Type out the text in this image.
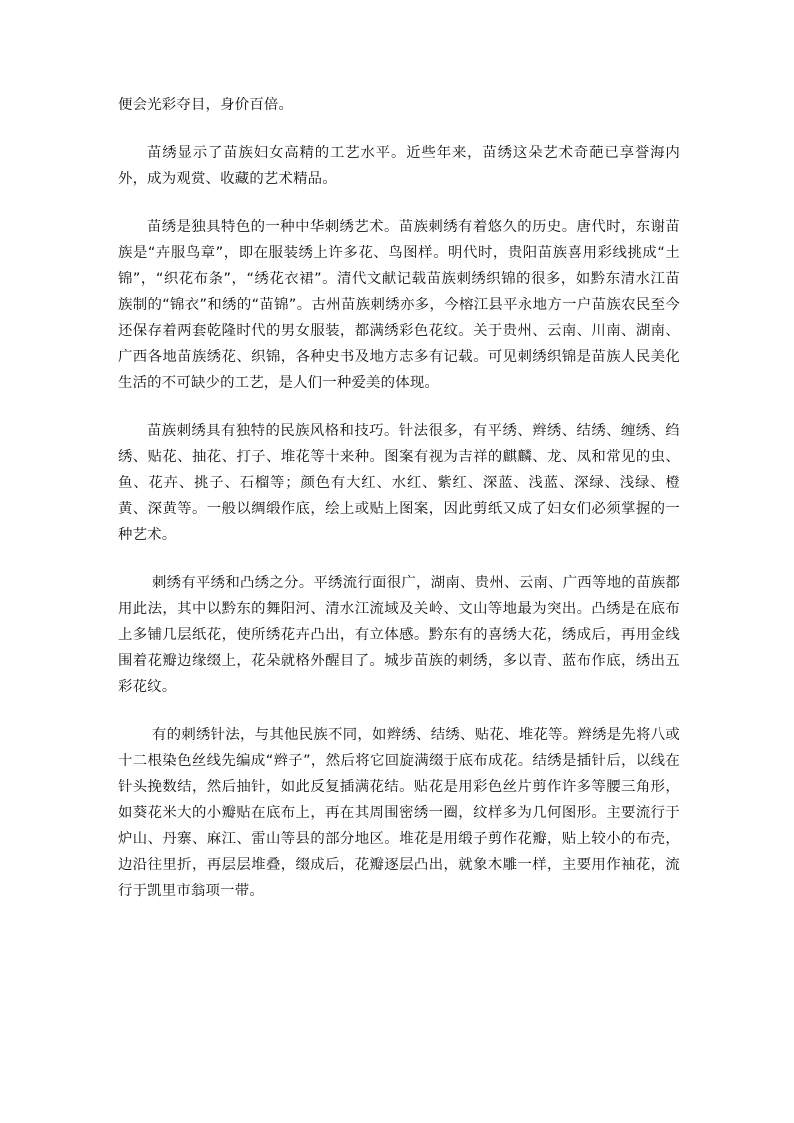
便会光彩夺目，身价百倍。

苗绣显示了苗族妇女高精的工艺水平。近些年来，苗绣这朵艺术奇葩已享誉海内外，成为观赏、收藏的艺术精品。

苗绣是独具特色的一种中华刺绣艺术。苗族刺绣有着悠久的历史。唐代时，东谢苗族是“卉服鸟章”，即在服装绣上许多花、鸟图样。明代时，贵阳苗族喜用彩线挑成“土锦”，“织花布条”，“绣花衣裙”。清代文献记载苗族刺绣织锦的很多，如黔东清水江苗族制的“锦衣”和绣的“苗锦”。古州苗族刺绣亦多，今榕江县平永地方一户苗族农民至今还保存着两套乾隆时代的男女服装，都满绣彩色花纹。关于贵州、云南、川南、湖南、广西各地苗族绣花、织锦，各种史书及地方志多有记载。可见刺绣织锦是苗族人民美化生活的不可缺少的工艺，是人们一种爱美的体现。

苗族刺绣具有独特的民族风格和技巧。针法很多，有平绣、辫绣、结绣、缠绣、绉绣、贴花、抽花、打子、堆花等十来种。图案有视为吉祥的麒麟、龙、凤和常见的虫、鱼、花卉、挑子、石榴等；颜色有大红、水红、紫红、深蓝、浅蓝、深绿、浅绿、橙黄、深黄等。一般以绸缎作底，绘上或贴上图案，因此剪纸又成了妇女们必须掌握的一种艺术。

刺绣有平绣和凸绣之分。平绣流行面很广，湖南、贵州、云南、广西等地的苗族都用此法，其中以黔东的舞阳河、清水江流域及关岭、文山等地最为突出。凸绣是在底布上多铺几层纸花，使所绣花卉凸出，有立体感。黔东有的喜绣大花，绣成后，再用金线围着花瓣边缘缀上，花朵就格外醒目了。城步苗族的刺绣，多以青、蓝布作底，绣出五彩花纹。

有的刺绣针法，与其他民族不同，如辫绣、结绣、贴花、堆花等。辫绣是先将八或十二根染色丝线先编成“辫子”，然后将它回旋满缀于底布成花。结绣是插针后，以线在针头挽数结，然后抽针，如此反复插满花结。贴花是用彩色丝片剪作许多等腰三角形，如葵花米大的小瓣贴在底布上，再在其周围密绣一圈，纹样多为几何图形。主要流行于炉山、丹寨、麻江、雷山等县的部分地区。堆花是用缎子剪作花瓣，贴上较小的布壳，边沿往里折，再层层堆叠，缀成后，花瓣逐层凸出，就象木雕一样，主要用作袖花，流行于凯里市翁项一带。
